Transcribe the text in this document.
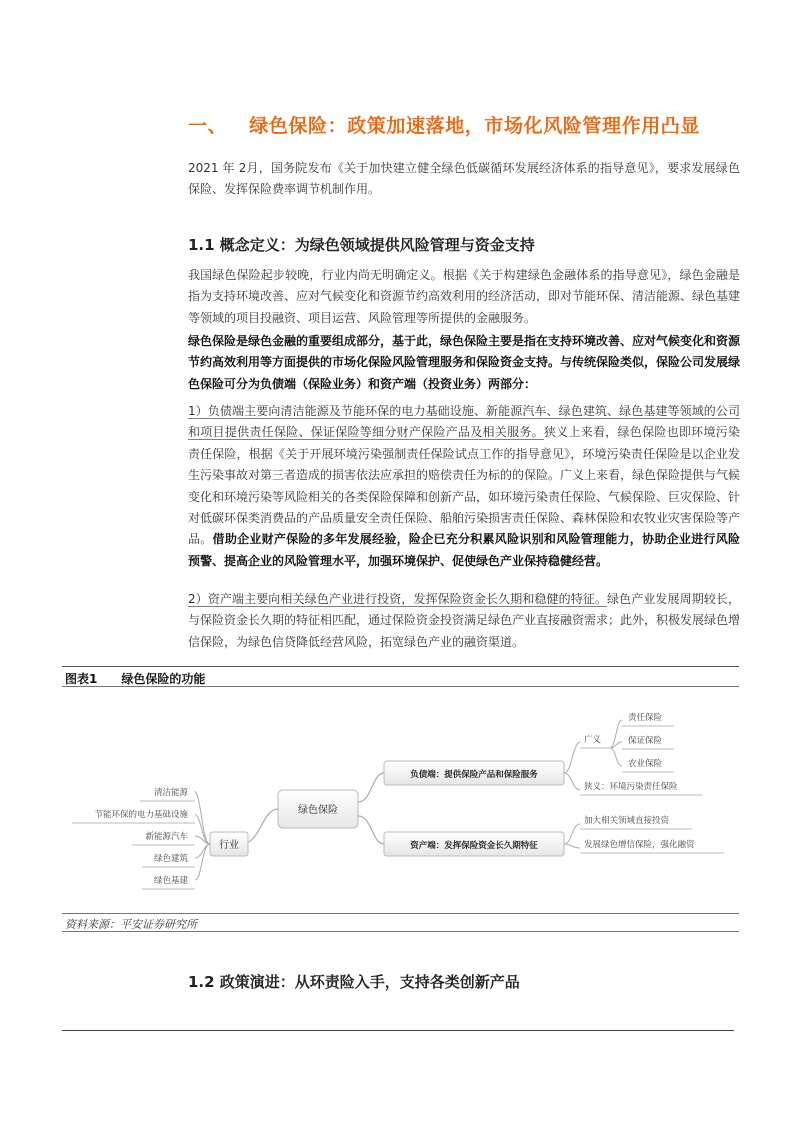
一、 绿色保险：政策加速落地，市场化风险管理作用凸显
2021 年 2月，国务院发布《关于加快建立健全绿色低碳循环发展经济体系的指导意见》，要求发展绿色保险、发挥保险费率调节机制作用。
1.1 概念定义：为绿色领域提供风险管理与资金支持
我国绿色保险起步较晚，行业内尚无明确定义。根据《关于构建绿色金融体系的指导意见》，绿色金融是指为支持环境改善、应对气候变化和资源节约高效利用的经济活动，即对节能环保、清洁能源、绿色基建等领域的项目投融资、项目运营、风险管理等所提供的金融服务。
绿色保险是绿色金融的重要组成部分，基于此，绿色保险主要是指在支持环境改善、应对气候变化和资源节约高效利用等方面提供的市场化保险风险管理服务和保险资金支持。与传统保险类似，保险公司发展绿色保险可分为负债端（保险业务）和资产端（投资业务）两部分：
1）负债端主要向清洁能源及节能环保的电力基础设施、新能源汽车、绿色建筑、绿色基建等领域的公司和项目提供责任保险、保证保险等细分财产保险产品及相关服务。狭义上来看，绿色保险也即环境污染责任保险，根据《关于开展环境污染强制责任保险试点工作的指导意见》，环境污染责任保险是以企业发生污染事故对第三者造成的损害依法应承担的赔偿责任为标的的保险。广义上来看，绿色保险提供与气候变化和环境污染等风险相关的各类保险保障和创新产品，如环境污染责任保险、气候保险、巨灾保险、针对低碳环保类消费品的产品质量安全责任保险、船舶污染损害责任保险、森林保险和农牧业灾害保险等产品。借助企业财产保险的多年发展经验，险企已充分积累风险识别和风险管理能力，协助企业进行风险预警、提高企业的风险管理水平，加强环境保护、促使绿色产业保持稳健经营。
2）资产端主要向相关绿色产业进行投资，发挥保险资金长久期和稳健的特征。绿色产业发展周期较长，与保险资金长久期的特征相匹配，通过保险资金投资满足绿色产业直接融资需求；此外，积极发展绿色增信保险，为绿色信贷降低经营风险，拓宽绿色产业的融资渠道。
图表1 绿色保险的功能
绿色保险
行业
清洁能源
节能环保的电力基础设施
新能源汽车
绿色建筑
绿色基建
负债端：提供保险产品和保险服务
广义
责任保险
保证保险
农业保险
狭义：环境污染责任保险
资产端：发挥保险资金长久期特征
加大相关领域直接投资
发展绿色增信保险，强化融资
资料来源：平安证券研究所
1.2 政策演进：从环责险入手，支持各类创新产品
